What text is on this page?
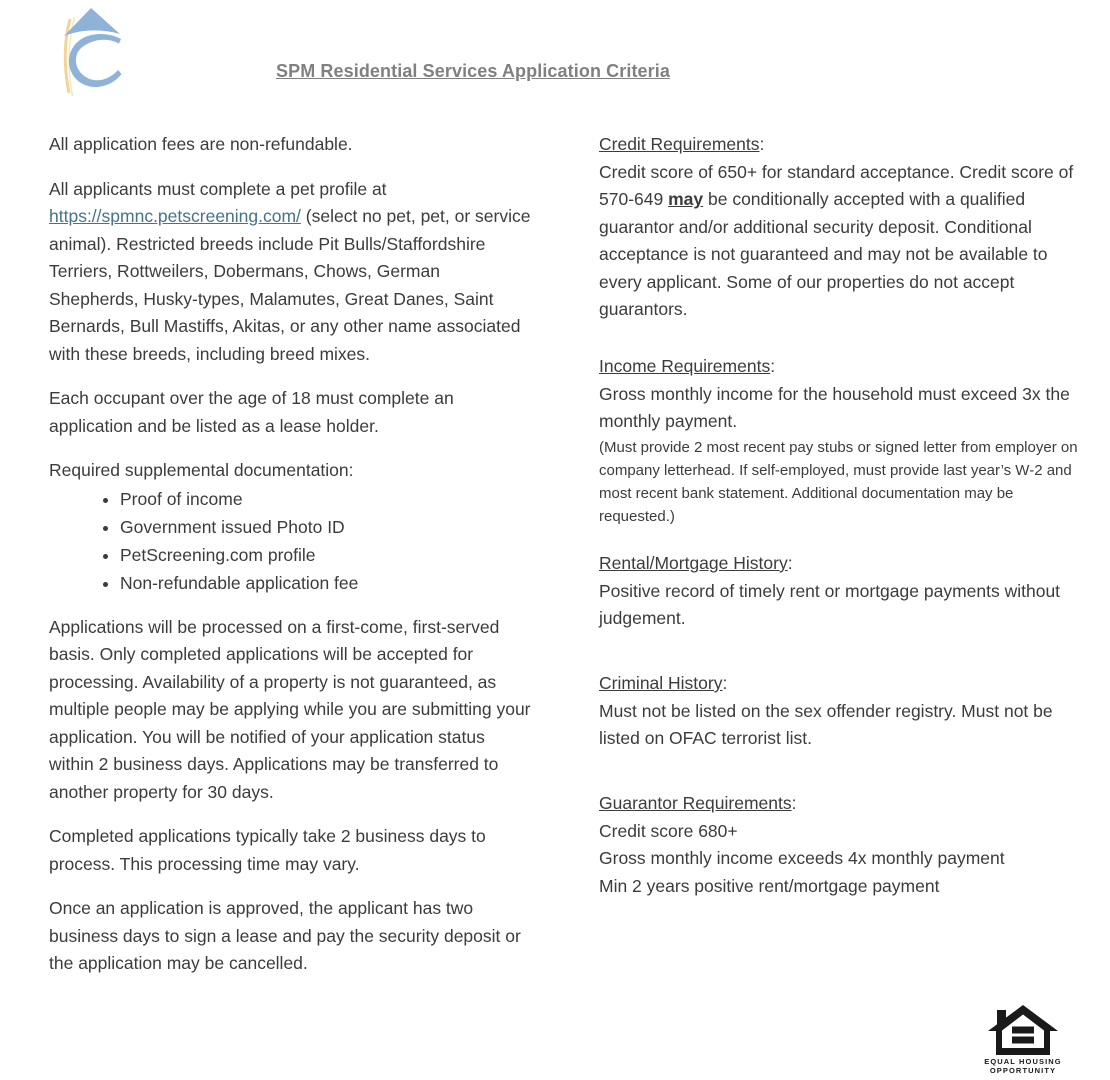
SPM Residential Services Application Criteria

All application fees are non-refundable.

All applicants must complete a pet profile at https://spmnc.petscreening.com/ (select no pet, pet, or service animal). Restricted breeds include Pit Bulls/Staffordshire Terriers, Rottweilers, Dobermans, Chows, German Shepherds, Husky-types, Malamutes, Great Danes, Saint Bernards, Bull Mastiffs, Akitas, or any other name associated with these breeds, including breed mixes.

Each occupant over the age of 18 must complete an application and be listed as a lease holder.

Required supplemental documentation:

• Proof of income
• Government issued Photo ID
• PetScreening.com profile
• Non-refundable application fee

Applications will be processed on a first-come, first-served basis. Only completed applications will be accepted for processing. Availability of a property is not guaranteed, as multiple people may be applying while you are submitting your application. You will be notified of your application status within 2 business days. Applications may be transferred to another property for 30 days.

Completed applications typically take 2 business days to process. This processing time may vary.

Once an application is approved, the applicant has two business days to sign a lease and pay the security deposit or the application may be cancelled.

Credit Requirements:

Credit score of 650+ for standard acceptance. Credit score of 570-649 may be conditionally accepted with a qualified guarantor and/or additional security deposit. Conditional acceptance is not guaranteed and may not be available to every applicant. Some of our properties do not accept guarantors.

Income Requirements:

Gross monthly income for the household must exceed 3x the monthly payment.

(Must provide 2 most recent pay stubs or signed letter from employer on company letterhead. If self-employed, must provide last year’s W-2 and most recent bank statement. Additional documentation may be requested.)

Rental/Mortgage History:

Positive record of timely rent or mortgage payments without judgement.

Criminal History:

Must not be listed on the sex offender registry. Must not be listed on OFAC terrorist list.

Guarantor Requirements:
Credit score 680+
Gross monthly income exceeds 4x monthly payment
Min 2 years positive rent/mortgage payment
EQUAL HOUSING
OPPORTUNITY
